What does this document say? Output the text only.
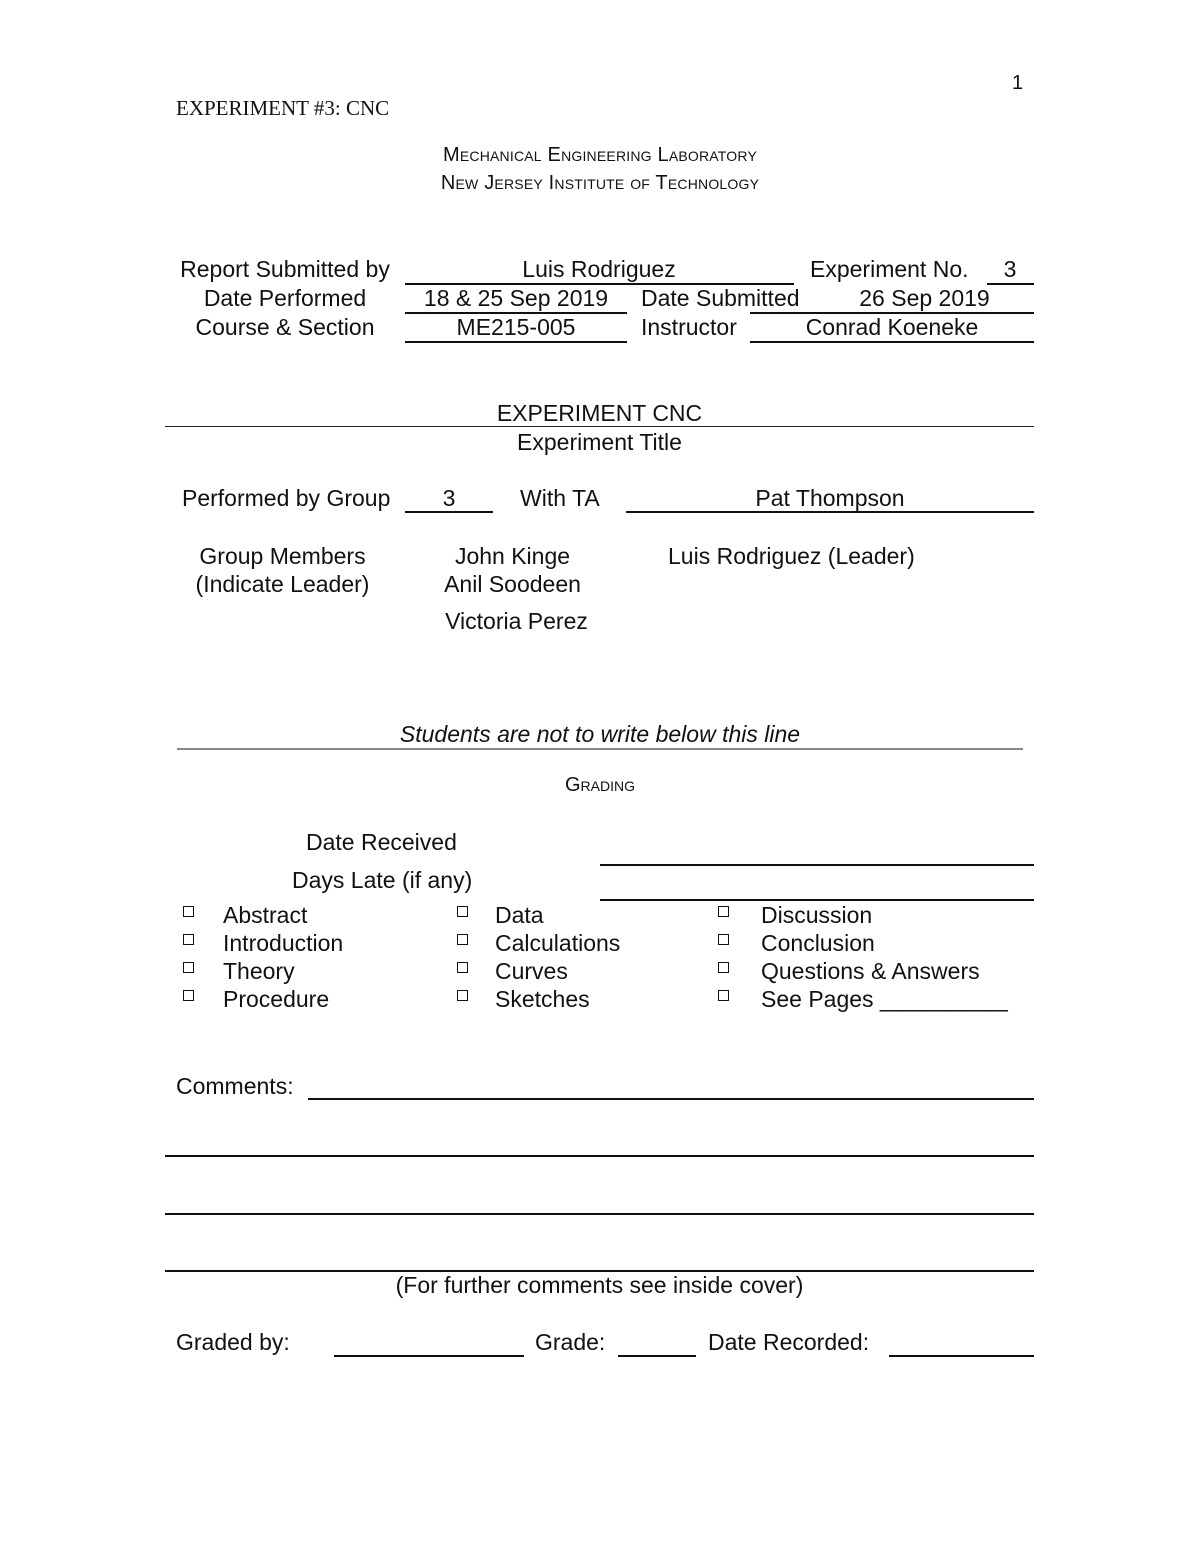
1
EXPERIMENT #3: CNC
Mechanical Engineering Laboratory
New Jersey Institute of Technology
Report Submitted by	Luis Rodriguez	Experiment No.	3
Date Performed	18 & 25 Sep 2019	Date Submitted	26 Sep 2019
Course & Section	ME215-005	Instructor	Conrad Koeneke
EXPERIMENT CNC
Experiment Title
Performed by Group	3	With TA	Pat Thompson
Group Members
(Indicate Leader)
John Kinge
Anil Soodeen
Victoria Perez
Luis Rodriguez (Leader)
Students are not to write below this line
Grading
Date Received
Days Late (if any)
Abstract
Introduction
Theory
Procedure
Data
Calculations
Curves
Sketches
Discussion
Conclusion
Questions & Answers
See Pages __________
Comments:
(For further comments see inside cover)
Graded by:	Grade:	Date Recorded:
